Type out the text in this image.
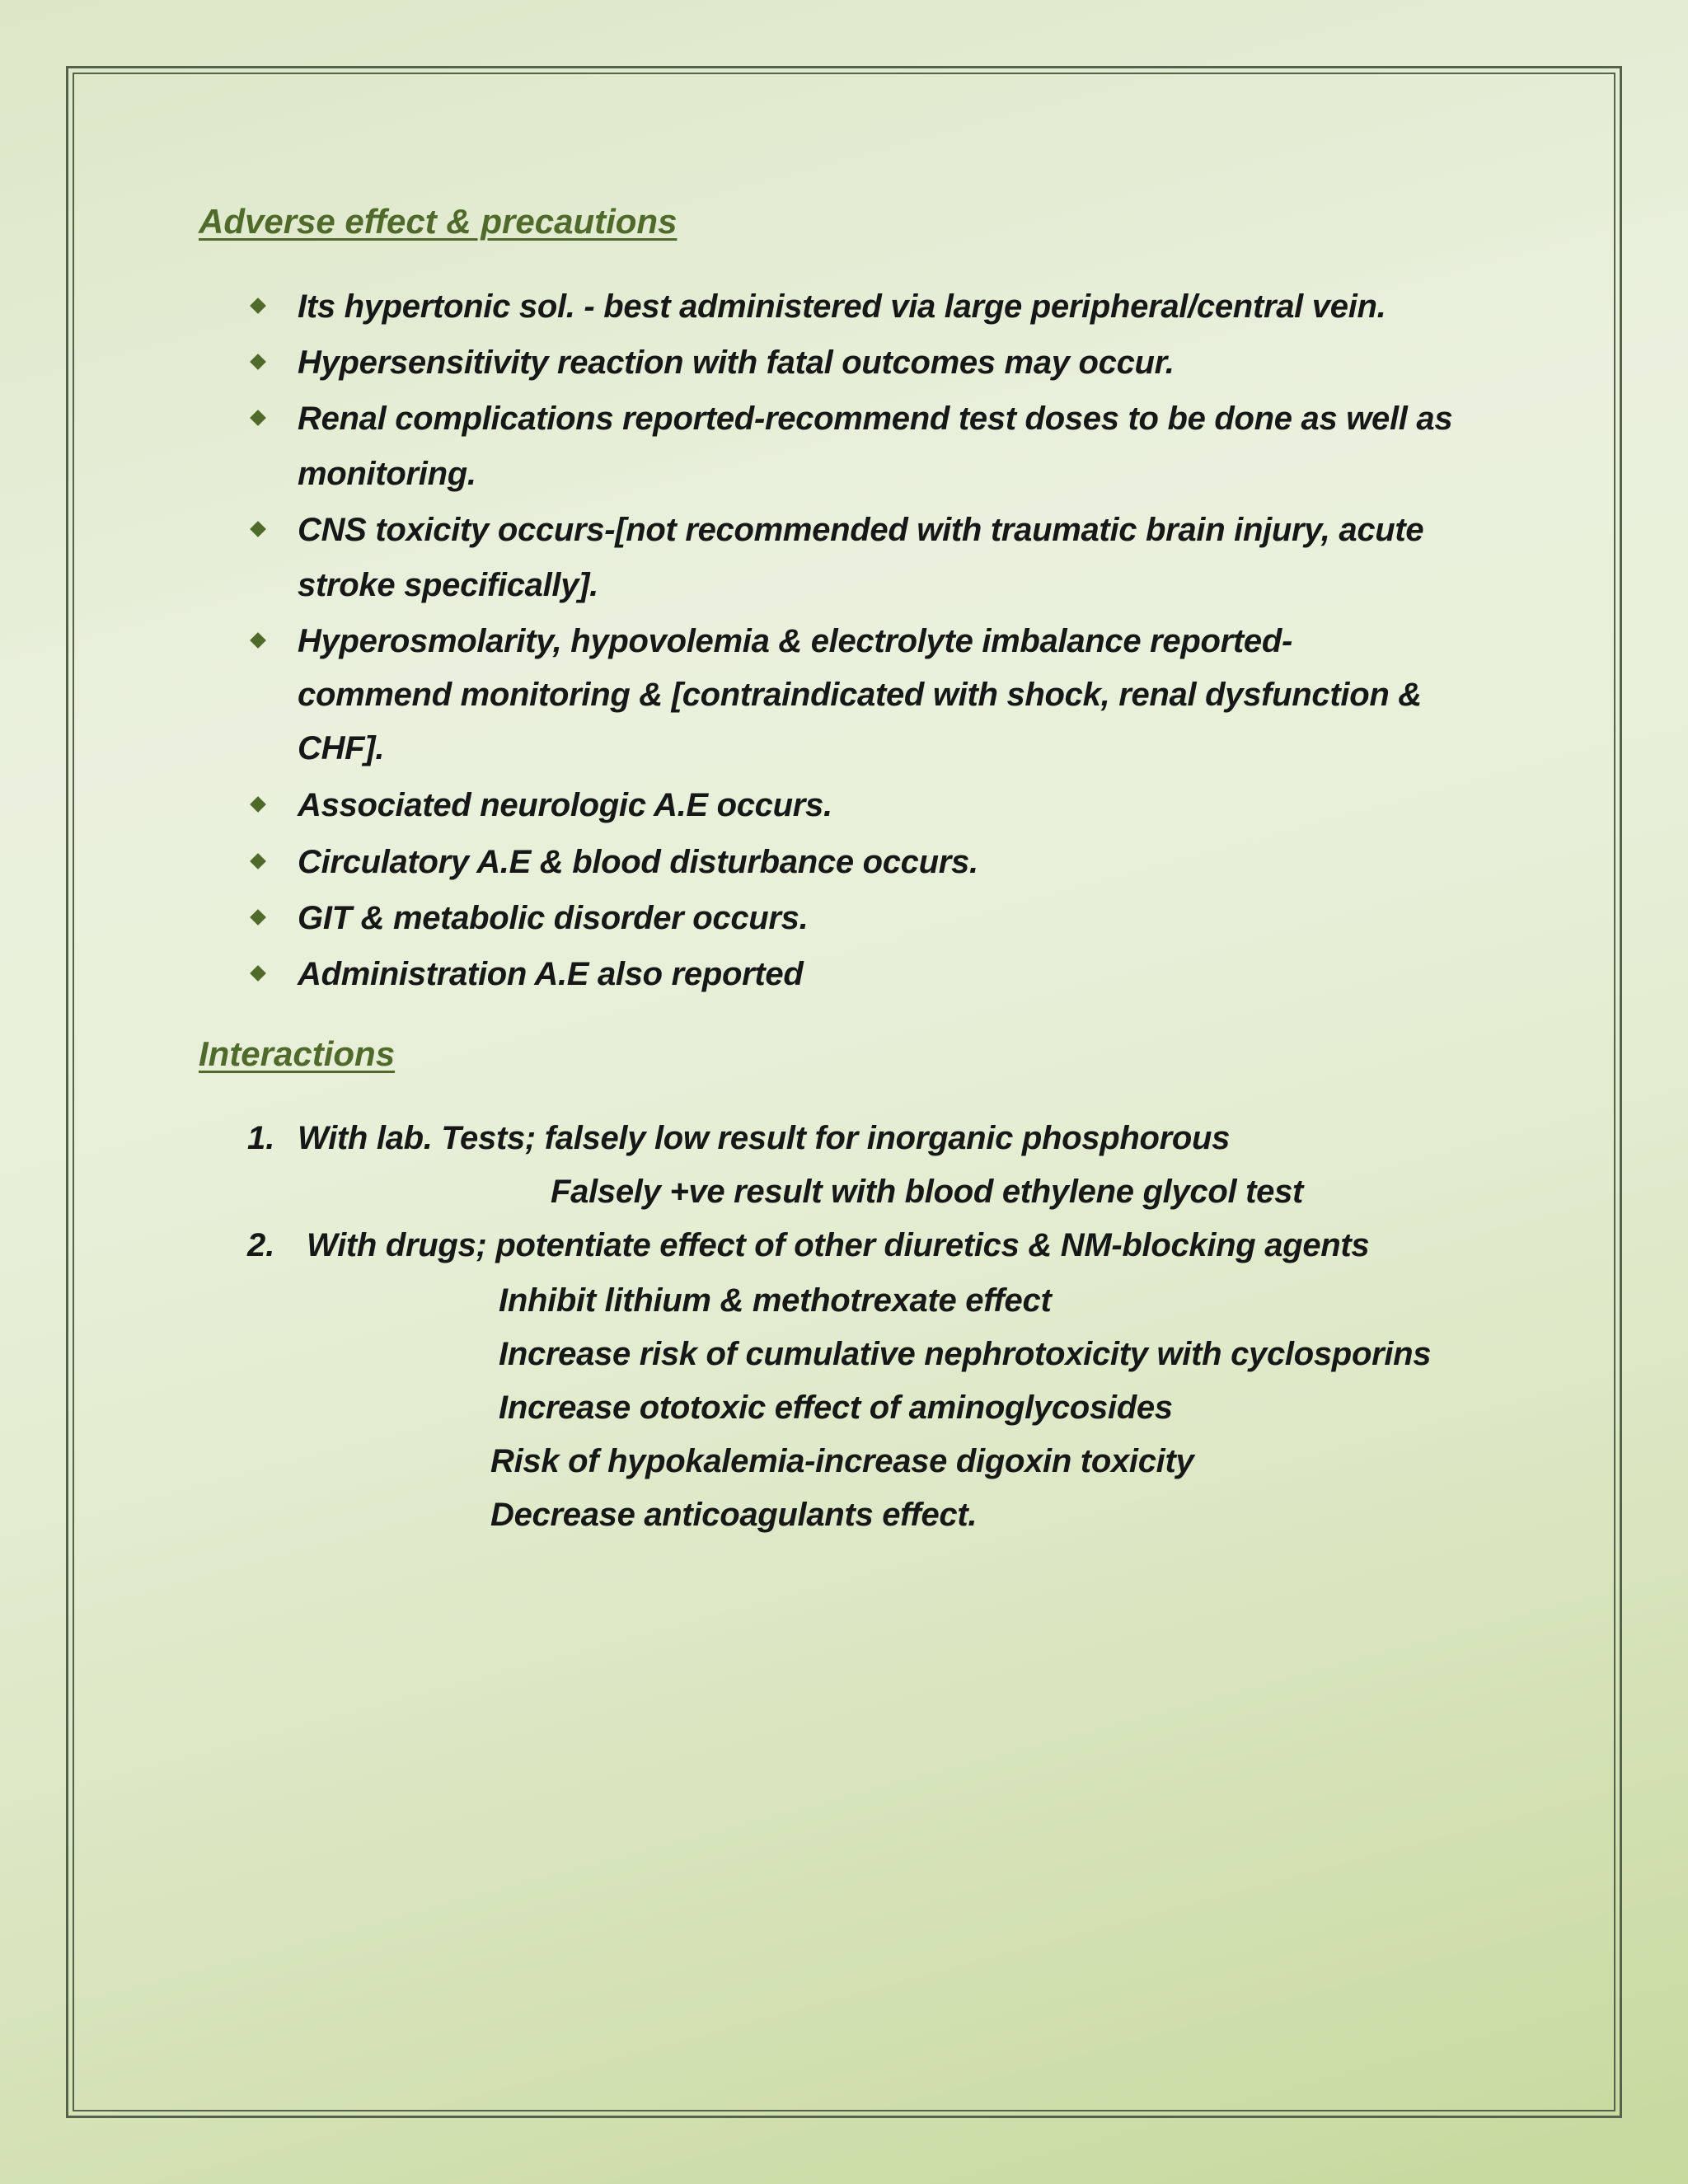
Adverse effect & precautions
Its hypertonic sol. - best administered via large peripheral/central vein.
Hypersensitivity reaction with fatal outcomes may occur.
Renal complications reported-recommend test doses to be done as well as
monitoring.
CNS toxicity occurs-[not recommended with traumatic brain injury, acute
stroke specifically].
Hyperosmolarity, hypovolemia & electrolyte imbalance reported-
commend monitoring & [contraindicated with shock, renal dysfunction &
CHF].
Associated neurologic A.E occurs.
Circulatory A.E & blood disturbance occurs.
GIT & metabolic disorder occurs.
Administration A.E also reported
Interactions
1. With lab. Tests; falsely low result for inorganic phosphorous
Falsely +ve result with blood ethylene glycol test
2. With drugs; potentiate effect of other diuretics & NM-blocking agents
Inhibit lithium & methotrexate effect
Increase risk of cumulative nephrotoxicity with cyclosporins
Increase ototoxic effect of aminoglycosides
Risk of hypokalemia-increase digoxin toxicity
Decrease anticoagulants effect.
